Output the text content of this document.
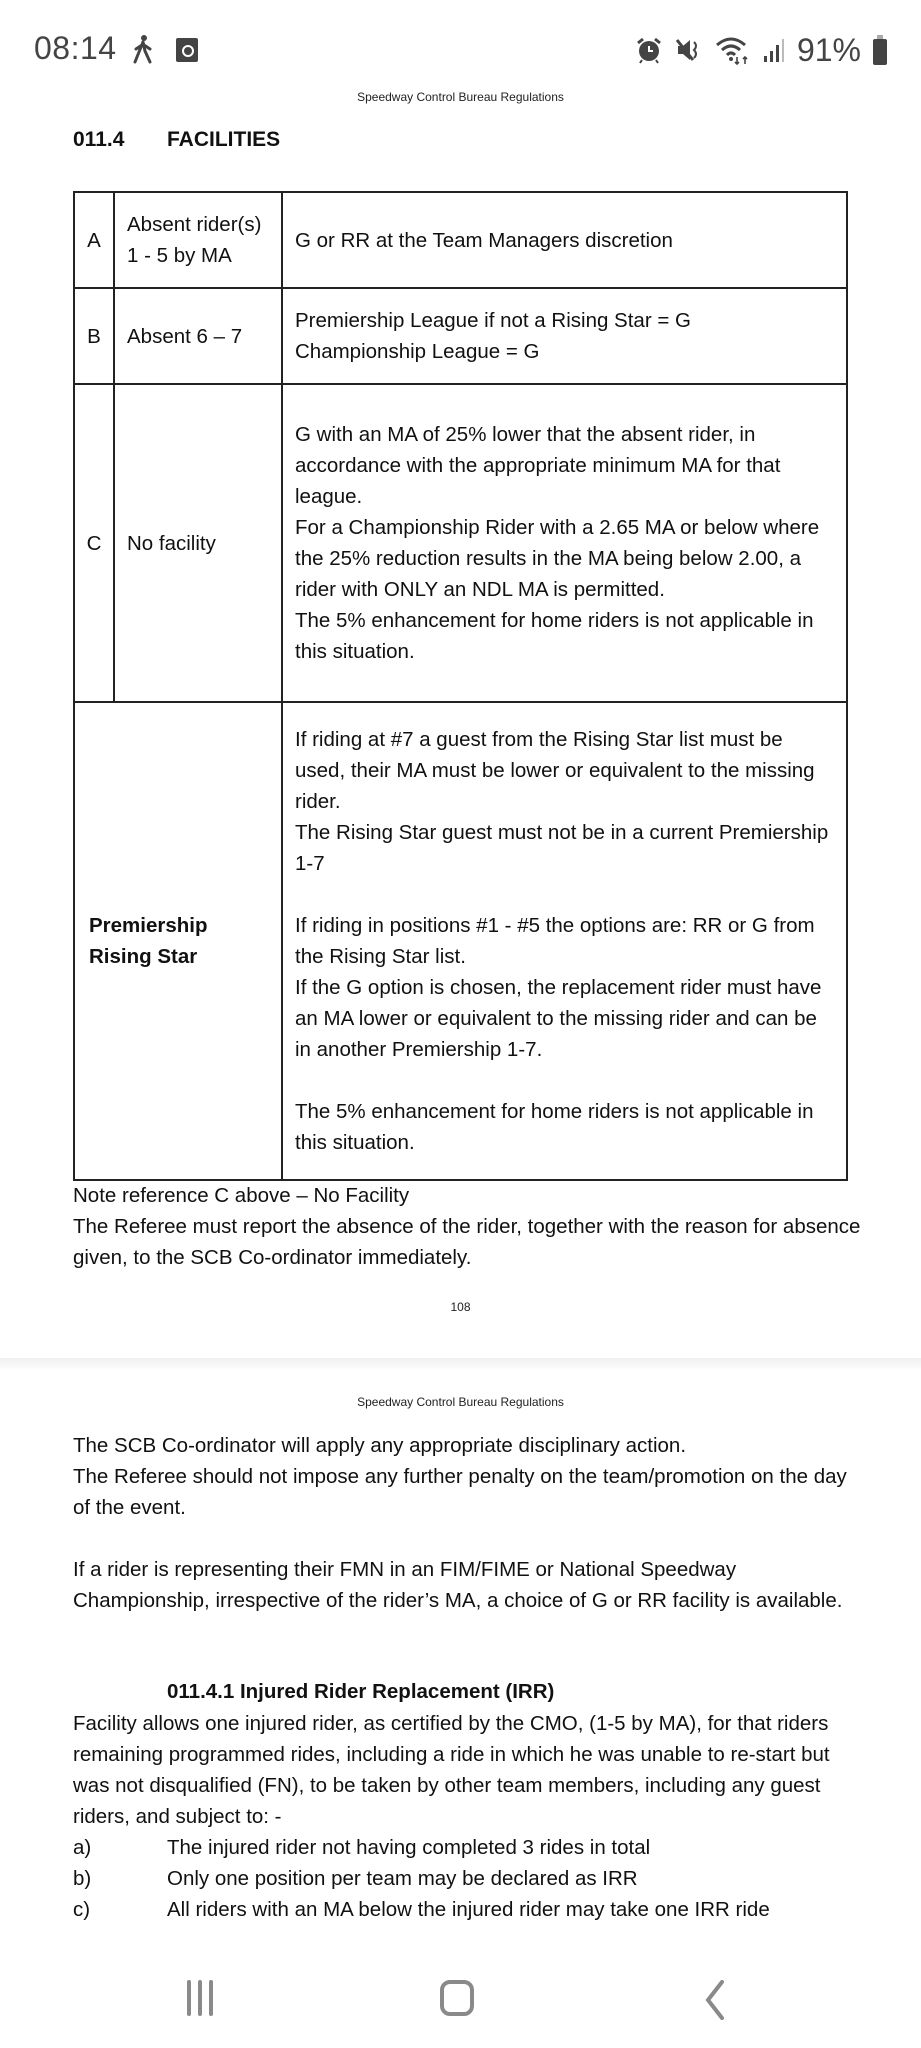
08:14	91%
Speedway Control Bureau Regulations
011.4 FACILITIES
A	Absent rider(s) 1 - 5 by MA	G or RR at the Team Managers discretion

B	Absent 6 – 7	Premiership League if not a Rising Star = G
Championship League = G

C	No facility	G with an MA of 25% lower that the absent rider, in accordance with the appropriate minimum MA for that league.
For a Championship Rider with a 2.65 MA or below where the 25% reduction results in the MA being below 2.00, a rider with ONLY an NDL MA is permitted.
The 5% enhancement for home riders is not applicable in this situation.

Premiership Rising Star		If riding at #7 a guest from the Rising Star list must be used, their MA must be lower or equivalent to the missing rider.
The Rising Star guest must not be in a current Premiership 1-7
If riding in positions #1 - #5 the options are: RR or G from the Rising Star list.
If the G option is chosen, the replacement rider must have an MA lower or equivalent to the missing rider and can be in another Premiership 1-7.
The 5% enhancement for home riders is not applicable in this situation.
Note reference C above – No Facility
The Referee must report the absence of the rider, together with the reason for absence given, to the SCB Co-ordinator immediately.
108
Speedway Control Bureau Regulations
The SCB Co-ordinator will apply any appropriate disciplinary action.
The Referee should not impose any further penalty on the team/promotion on the day of the event.
If a rider is representing their FMN in an FIM/FIME or National Speedway Championship, irrespective of the rider’s MA, a choice of G or RR facility is available.
011.4.1 Injured Rider Replacement (IRR)
Facility allows one injured rider, as certified by the CMO, (1-5 by MA), for that riders remaining programmed rides, including a ride in which he was unable to re-start but was not disqualified (FN), to be taken by other team members, including any guest riders, and subject to: -
a)	The injured rider not having completed 3 rides in total
b)	Only one position per team may be declared as IRR
c)	All riders with an MA below the injured rider may take one IRR ride
